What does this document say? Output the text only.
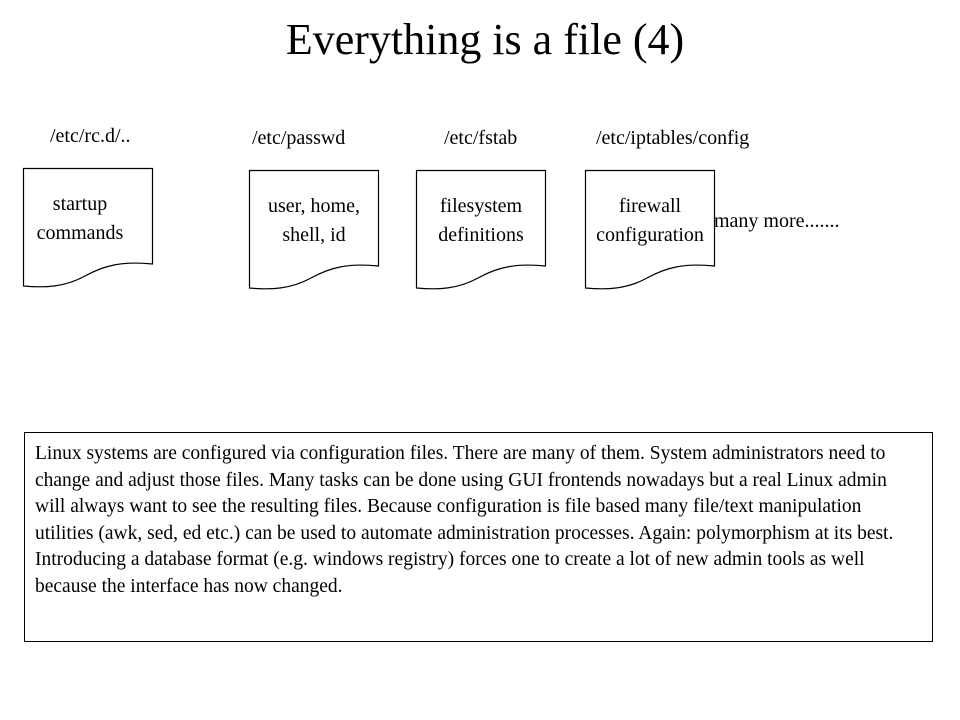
Everything is a file (4)
/etc/rc.d/..
startup
commands
/etc/passwd
user, home,
shell, id
/etc/fstab
filesystem
definitions
/etc/iptables/config
firewall
configuration
many more.......
Linux systems are configured via configuration files. There are many of them. System administrators need to change and adjust those files. Many tasks can be done using GUI frontends nowadays but a real Linux admin will always want to see the resulting files. Because configuration is file based many file/text manipulation utilities (awk, sed, ed etc.) can be used to automate administration processes. Again: polymorphism at its best. Introducing a database format (e.g. windows registry) forces one to create a lot of new admin tools as well because the interface has now changed.
